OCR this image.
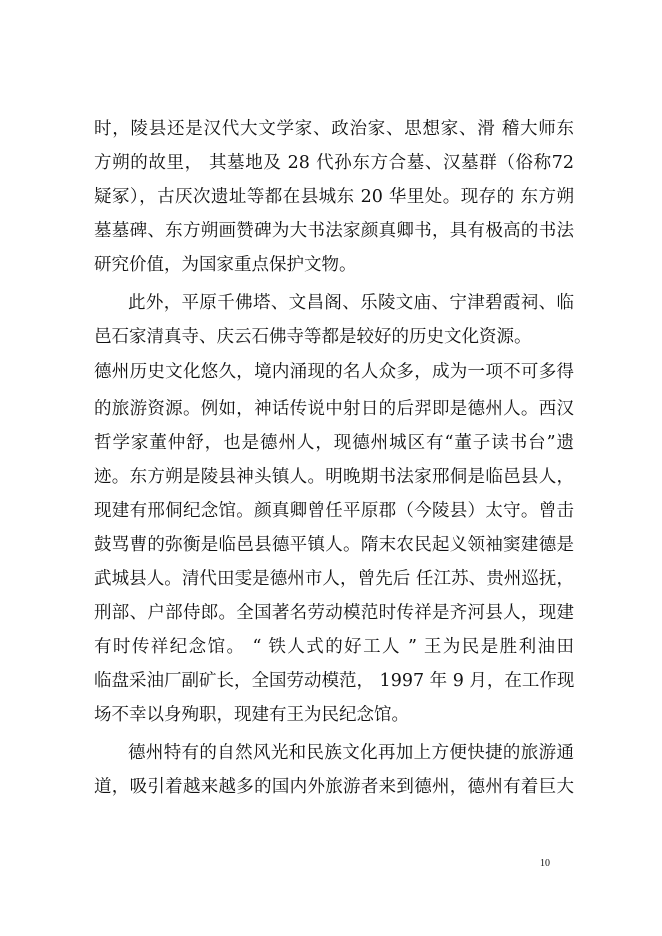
时，陵县还是汉代大文学家、政治家、思想家、滑 稽大师东
方朔的故里， 其墓地及 28 代孙东方合墓、汉墓群（俗称72
疑冢），古厌次遗址等都在县城东 20 华里处。现存的 东方朔
墓墓碑、东方朔画赞碑为大书法家颜真卿书，具有极高的书法
研究价值，为国家重点保护文物。
此外，平原千佛塔、文昌阁、乐陵文庙、宁津碧霞祠、临
邑石家清真寺、庆云石佛寺等都是较好的历史文化资源。
德州历史文化悠久，境内涌现的名人众多，成为一项不可多得
的旅游资源。例如，神话传说中射日的后羿即是德州人。西汉
哲学家董仲舒，也是德州人，现德州城区有“董子读书台”遗
迹。东方朔是陵县神头镇人。明晚期书法家邢侗是临邑县人，
现建有邢侗纪念馆。颜真卿曾任平原郡（今陵县）太守。曾击
鼓骂曹的弥衡是临邑县德平镇人。隋末农民起义领袖窦建德是
武城县人。清代田雯是德州市人，曾先后 任江苏、贵州巡抚，
刑部、户部侍郎。全国著名劳动模范时传祥是齐河县人，现建
有时传祥纪念馆。 “ 铁人式的好工人 ” 王为民是胜利油田
临盘采油厂副矿长，全国劳动模范， 1997 年 9 月，在工作现
场不幸以身殉职，现建有王为民纪念馆。
德州特有的自然风光和民族文化再加上方便快捷的旅游通
道，吸引着越来越多的国内外旅游者来到德州，德州有着巨大
10
